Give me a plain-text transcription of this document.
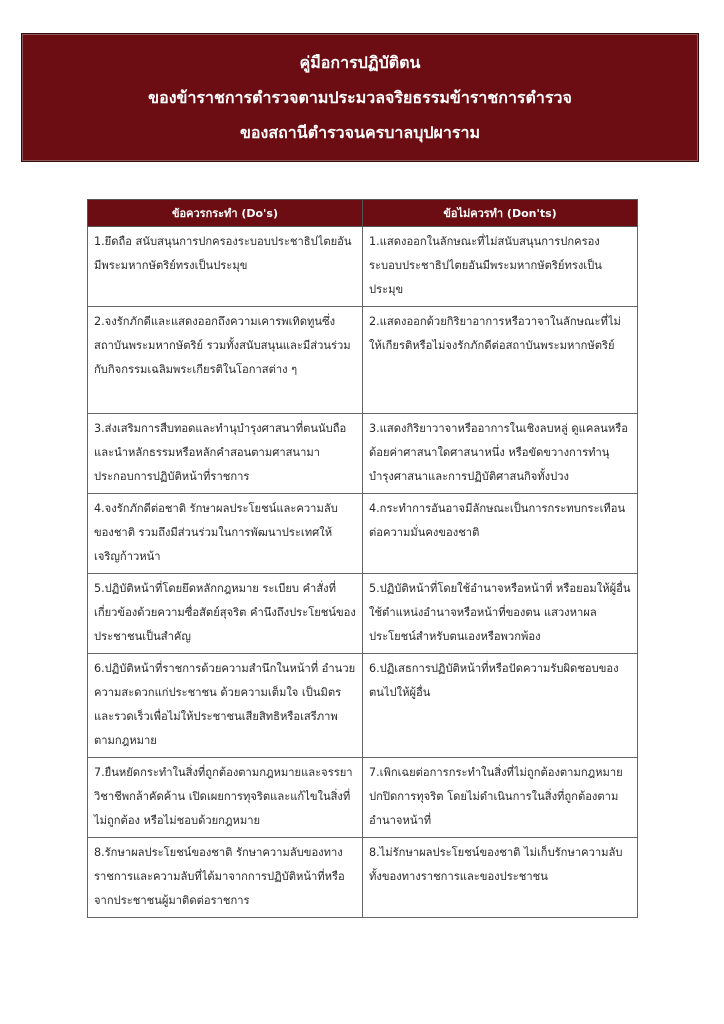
คู่มือการปฏิบัติตน
ของข้าราชการตำรวจตามประมวลจริยธรรมข้าราชการตำรวจ
ของสถานีตำรวจนครบาลบุปผาราม
ข้อควรกระทำ (Do's)	ข้อไม่ควรทำ (Don'ts)
1.ยึดถือ สนับสนุนการปกครองระบอบประชาธิปไตยอันมีพระมหากษัตริย์ทรงเป็นประมุข	1.แสดงออกในลักษณะที่ไม่สนับสนุนการปกครองระบอบประชาธิปไตยอันมีพระมหากษัตริย์ทรงเป็นประมุข
2.จงรักภักดีและแสดงออกถึงความเคารพเทิดทูนซึ่งสถาบันพระมหากษัตริย์ รวมทั้งสนับสนุนและมีส่วนร่วมกับกิจกรรมเฉลิมพระเกียรติในโอกาสต่าง ๆ	2.แสดงออกด้วยกิริยาอาการหรือวาจาในลักษณะที่ไม่ให้เกียรติหรือไม่จงรักภักดีต่อสถาบันพระมหากษัตริย์
3.ส่งเสริมการสืบทอดและทำนุบำรุงศาสนาที่ตนนับถือ และนำหลักธรรมหรือหลักคำสอนตามศาสนามาประกอบการปฏิบัติหน้าที่ราชการ	3.แสดงกิริยาวาจาหรืออาการในเชิงลบหลู่ ดูแคลนหรือด้อยค่าศาสนาใดศาสนาหนึ่ง หรือขัดขวางการทำนุบำรุงศาสนาและการปฏิบัติศาสนกิจทั้งปวง
4.จงรักภักดีต่อชาติ รักษาผลประโยชน์และความลับของชาติ รวมถึงมีส่วนร่วมในการพัฒนาประเทศให้เจริญก้าวหน้า	4.กระทำการอันอาจมีลักษณะเป็นการกระทบกระเทือนต่อความมั่นคงของชาติ
5.ปฏิบัติหน้าที่โดยยึดหลักกฎหมาย ระเบียบ คำสั่งที่เกี่ยวข้องด้วยความซื่อสัตย์สุจริต คำนึงถึงประโยชน์ของประชาชนเป็นสำคัญ	5.ปฏิบัติหน้าที่โดยใช้อำนาจหรือหน้าที่ หรือยอมให้ผู้อื่นใช้ตำแหน่งอำนาจหรือหน้าที่ของตน แสวงหาผลประโยชน์สำหรับตนเองหรือพวกพ้อง
6.ปฏิบัติหน้าที่ราชการด้วยความสำนึกในหน้าที่ อำนวยความสะดวกแก่ประชาชน ด้วยความเต็มใจ เป็นมิตรและรวดเร็วเพื่อไม่ให้ประชาชนเสียสิทธิหรือเสรีภาพตามกฎหมาย	6.ปฏิเสธการปฏิบัติหน้าที่หรือปัดความรับผิดชอบของตนไปให้ผู้อื่น
7.ยืนหยัดกระทำในสิ่งที่ถูกต้องตามกฎหมายและจรรยาวิชาชีพกล้าคัดค้าน เปิดเผยการทุจริตและแก้ไขในสิ่งที่ไม่ถูกต้อง หรือไม่ชอบด้วยกฎหมาย	7.เพิกเฉยต่อการกระทำในสิ่งที่ไม่ถูกต้องตามกฎหมายปกปิดการทุจริต โดยไม่ดำเนินการในสิ่งที่ถูกต้องตามอำนาจหน้าที่
8.รักษาผลประโยชน์ของชาติ รักษาความลับของทางราชการและความลับที่ได้มาจากการปฏิบัติหน้าที่หรือจากประชาชนผู้มาติดต่อราชการ	8.ไม่รักษาผลประโยชน์ของชาติ ไม่เก็บรักษาความลับทั้งของทางราชการและของประชาชน
